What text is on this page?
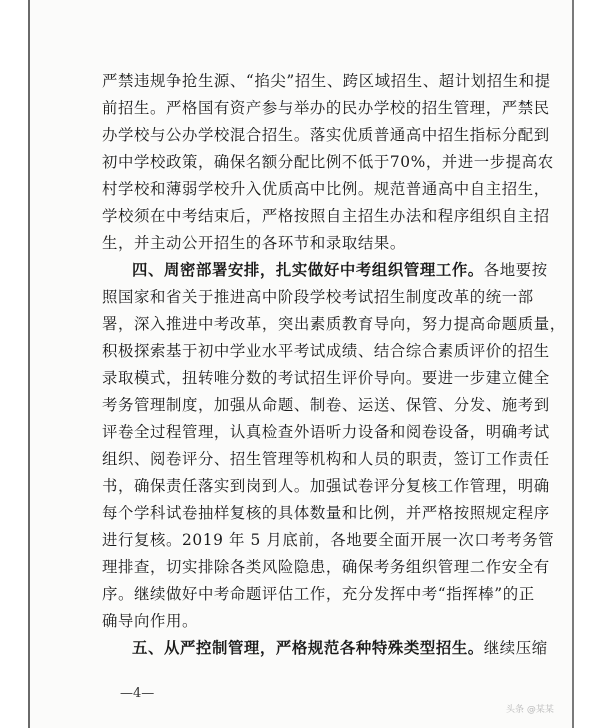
严禁违规争抢生源、“掐尖”招生、跨区域招生、超计划招生和提
前招生。严格国有资产参与举办的民办学校的招生管理，严禁民
办学校与公办学校混合招生。落实优质普通高中招生指标分配到
初中学校政策，确保名额分配比例不低于70%，并进一步提高农
村学校和薄弱学校升入优质高中比例。规范普通高中自主招生，
学校须在中考结束后，严格按照自主招生办法和程序组织自主招
生，并主动公开招生的各环节和录取结果。
四、周密部署安排，扎实做好中考组织管理工作。各地要按
照国家和省关于推进高中阶段学校考试招生制度改革的统一部
署，深入推进中考改革，突出素质教育导向，努力提高命题质量，
积极探索基于初中学业水平考试成绩、结合综合素质评价的招生
录取模式，扭转唯分数的考试招生评价导向。要进一步建立健全
考务管理制度，加强从命题、制卷、运送、保管、分发、施考到
评卷全过程管理，认真检查外语听力设备和阅卷设备，明确考试
组织、阅卷评分、招生管理等机构和人员的职责，签订工作责任
书，确保责任落实到岗到人。加强试卷评分复核工作管理，明确
每个学科试卷抽样复核的具体数量和比例，并严格按照规定程序
进行复核。2019 年 5 月底前，各地要全面开展一次口考考务管
理排查，切实排除各类风险隐患，确保考务组织管理二作安全有
序。继续做好中考命题评估工作，充分发挥中考“指挥棒”的正
确导向作用。
五、从严控制管理，严格规范各种特殊类型招生。继续压缩
—4—
头条 @某某
